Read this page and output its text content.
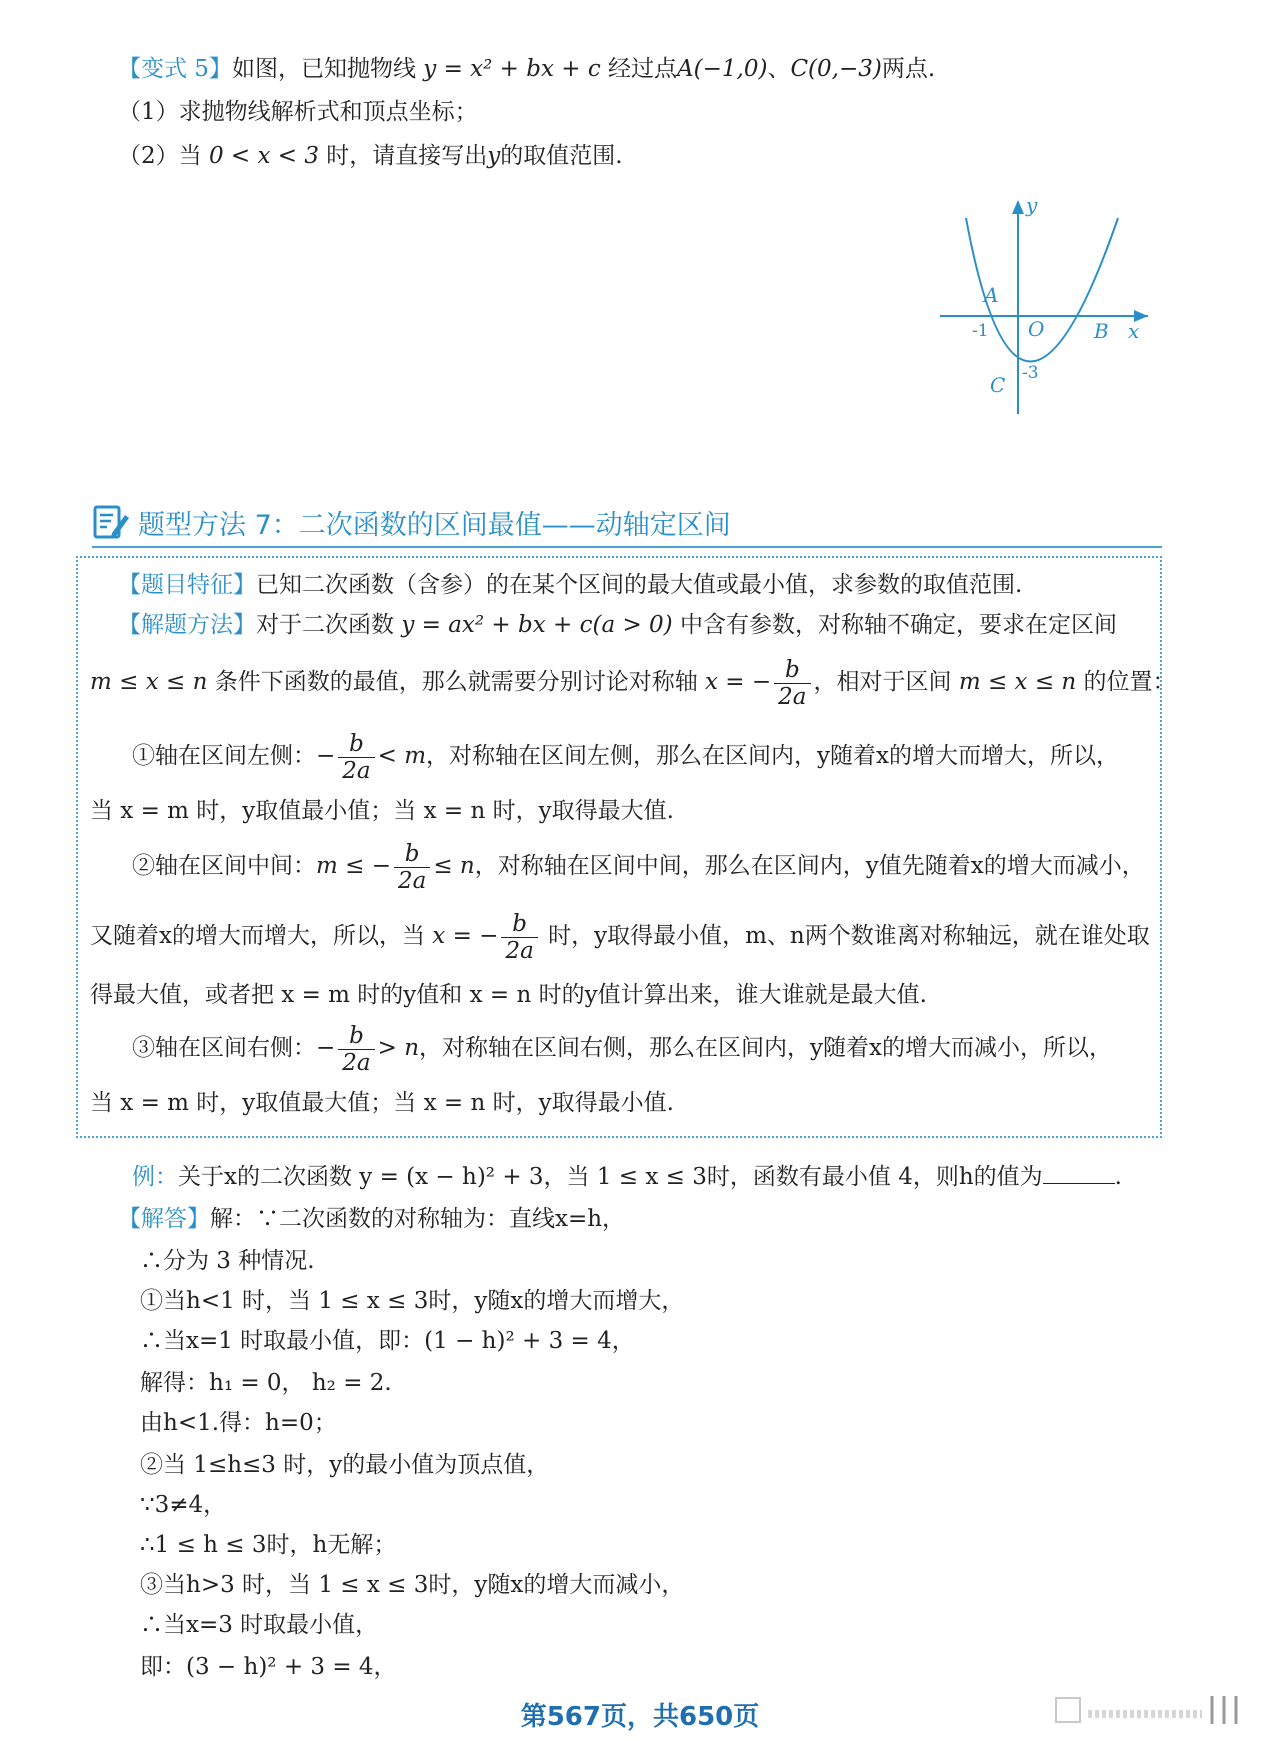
【变式 5】如图，已知抛物线 y = x² + bx + c 经过点A(−1,0)、C(0,−3)两点.
（1）求抛物线解析式和顶点坐标；
（2）当 0 < x < 3 时，请直接写出y的取值范围.
y
A
-1 O B x
-3
C
题型方法 7：二次函数的区间最值——动轴定区间
【题目特征】已知二次函数（含参）的在某个区间的最大值或最小值，求参数的取值范围.
【解题方法】对于二次函数 y = ax² + bx + c(a > 0) 中含有参数，对称轴不确定，要求在定区间
m ≤ x ≤ n 条件下函数的最值，那么就需要分别讨论对称轴 x = − $\frac{b}{2a}$ ，相对于区间 m ≤ x ≤ n 的位置：
①轴在区间左侧：− $\frac{b}{2a} < m$，对称轴在区间左侧，那么在区间内，y随着x的增大而增大，所以，
当 x = m 时，y取值最小值；当 x = n 时，y取得最大值.
②轴在区间中间：m ≤ − $\frac{b}{2a} \le n$，对称轴在区间中间，那么在区间内，y值先随着x的增大而减小，
又随着x的增大而增大，所以，当 x = − $\frac{b}{2a}$ 时，y取得最小值，m、n两个数谁离对称轴远，就在谁处取
得最大值，或者把 x = m 时的y值和 x = n 时的y值计算出来，谁大谁就是最大值.
③轴在区间右侧：− $\frac{b}{2a} > n$，对称轴在区间右侧，那么在区间内，y随着x的增大而减小，所以，
当 x = m 时，y取值最大值；当 x = n 时，y取得最小值.
例：关于x的二次函数 y = (x − h)² + 3，当 1 ≤ x ≤ 3时，函数有最小值 4，则h的值为	.
【解答】解：∵二次函数的对称轴为：直线x=h，
∴分为 3 种情况.
①当h<1 时，当 1 ≤ x ≤ 3时，y随x的增大而增大，
∴当x=1 时取最小值，即：(1 − h)² + 3 = 4，
解得：h₁ = 0， h₂ = 2.
由h<1.得：h=0；
②当 1≤h≤3 时，y的最小值为顶点值，
∵3≠4，
∴1 ≤ h ≤ 3时，h无解；
③当h>3 时，当 1 ≤ x ≤ 3时，y随x的增大而减小，
∴当x=3 时取最小值，
即：(3 − h)² + 3 = 4，
第567页，共650页
